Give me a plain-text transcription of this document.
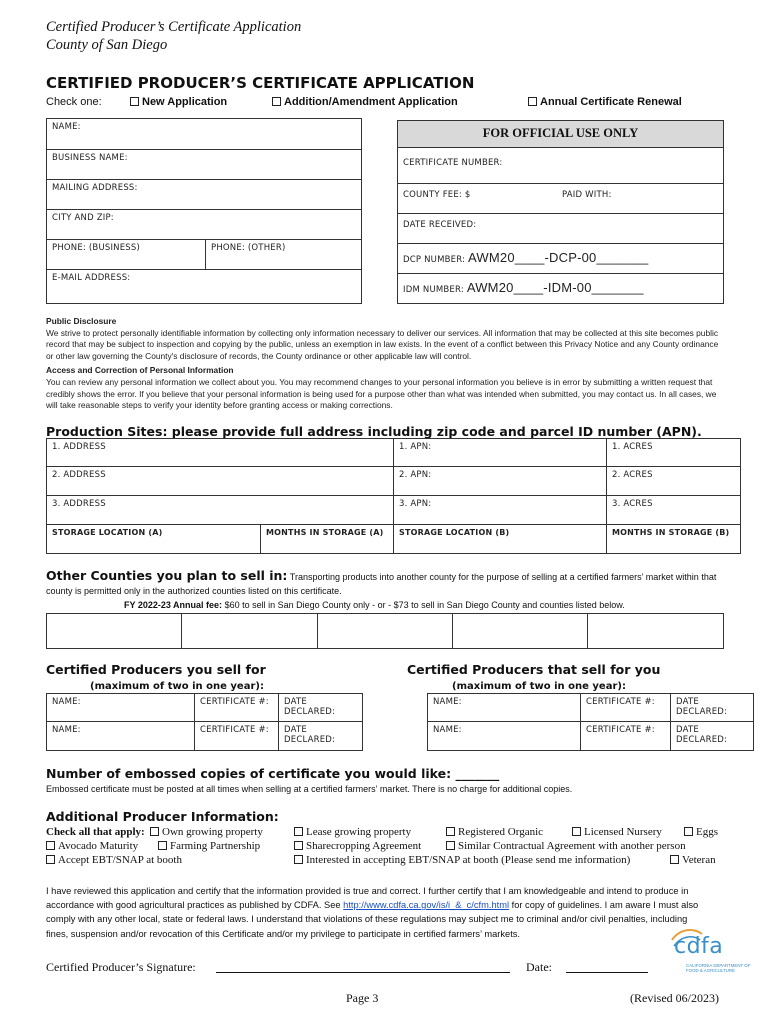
Certified Producer’s Certificate Application
County of San Diego
CERTIFIED PRODUCER’S CERTIFICATE APPLICATION
Check one:	New Application	Addition/Amendment Application	Annual Certificate Renewal
NAME:
BUSINESS NAME:
MAILING ADDRESS:
CITY AND ZIP:
PHONE: (BUSINESS)	PHONE: (OTHER)
E-MAIL ADDRESS:
FOR OFFICIAL USE ONLY
CERTIFICATE NUMBER:
COUNTY FEE: $	PAID WITH:
DATE RECEIVED:
DCP NUMBER: AWM20____-DCP-00_______
IDM NUMBER: AWM20____-IDM-00_______
Public Disclosure
We strive to protect personally identifiable information by collecting only information necessary to deliver our services. All information that may be collected at this site becomes public record that may be subject to inspection and copying by the public, unless an exemption in law exists. In the event of a conflict between this Privacy Notice and any County ordinance or other law governing the County's disclosure of records, the County ordinance or other applicable law will control.
Access and Correction of Personal Information
You can review any personal information we collect about you. You may recommend changes to your personal information you believe is in error by submitting a written request that credibly shows the error. If you believe that your personal information is being used for a purpose other than what was intended when submitted, you may contact us. In all cases, we will take reasonable steps to verify your identity before granting access or making corrections.
Production Sites: please provide full address including zip code and parcel ID number (APN).
1. ADDRESS	1. APN:	1. ACRES
2. ADDRESS	2. APN:	2. ACRES
3. ADDRESS	3. APN:	3. ACRES
STORAGE LOCATION (A)	MONTHS IN STORAGE (A)	STORAGE LOCATION (B)	MONTHS IN STORAGE (B)
Other Counties you plan to sell in: Transporting products into another county for the purpose of selling at a certified farmers’ market within that county is permitted only in the authorized counties listed on this certificate.
FY 2022-23 Annual fee: $60 to sell in San Diego County only - or - $73 to sell in San Diego County and counties listed below.
Certified Producers you sell for
(maximum of two in one year):
NAME:	CERTIFICATE #:	DATE DECLARED:
NAME:	CERTIFICATE #:	DATE DECLARED:
Certified Producers that sell for you
(maximum of two in one year):
NAME:	CERTIFICATE #:	DATE DECLARED:
NAME:	CERTIFICATE #:	DATE DECLARED:
Number of embossed copies of certificate you would like: _______
Embossed certificate must be posted at all times when selling at a certified farmers’ market. There is no charge for additional copies.
Additional Producer Information:
Check all that apply:	Own growing property	Lease growing property	Registered Organic	Licensed Nursery	Eggs
Avocado Maturity	Farming Partnership	Sharecropping Agreement	Similar Contractual Agreement with another person
Accept EBT/SNAP at booth	Interested in accepting EBT/SNAP at booth (Please send me information)	Veteran
I have reviewed this application and certify that the information provided is true and correct. I further certify that I am knowledgeable and intend to produce in accordance with good agricultural practices as published by CDFA. See http://www.cdfa.ca.gov/is/i_&_c/cfm.html for copy of guidelines. I am aware I must also comply with any other local, state or federal laws. I understand that violations of these regulations may subject me to criminal and/or civil penalties, including fines, suspension and/or revocation of this Certificate and/or my privilege to participate in certified farmers’ markets.
cdfa
CALIFORNIA DEPARTMENT OF FOOD & AGRICULTURE
Certified Producer’s Signature:	Date:
Page 3	(Revised 06/2023)
